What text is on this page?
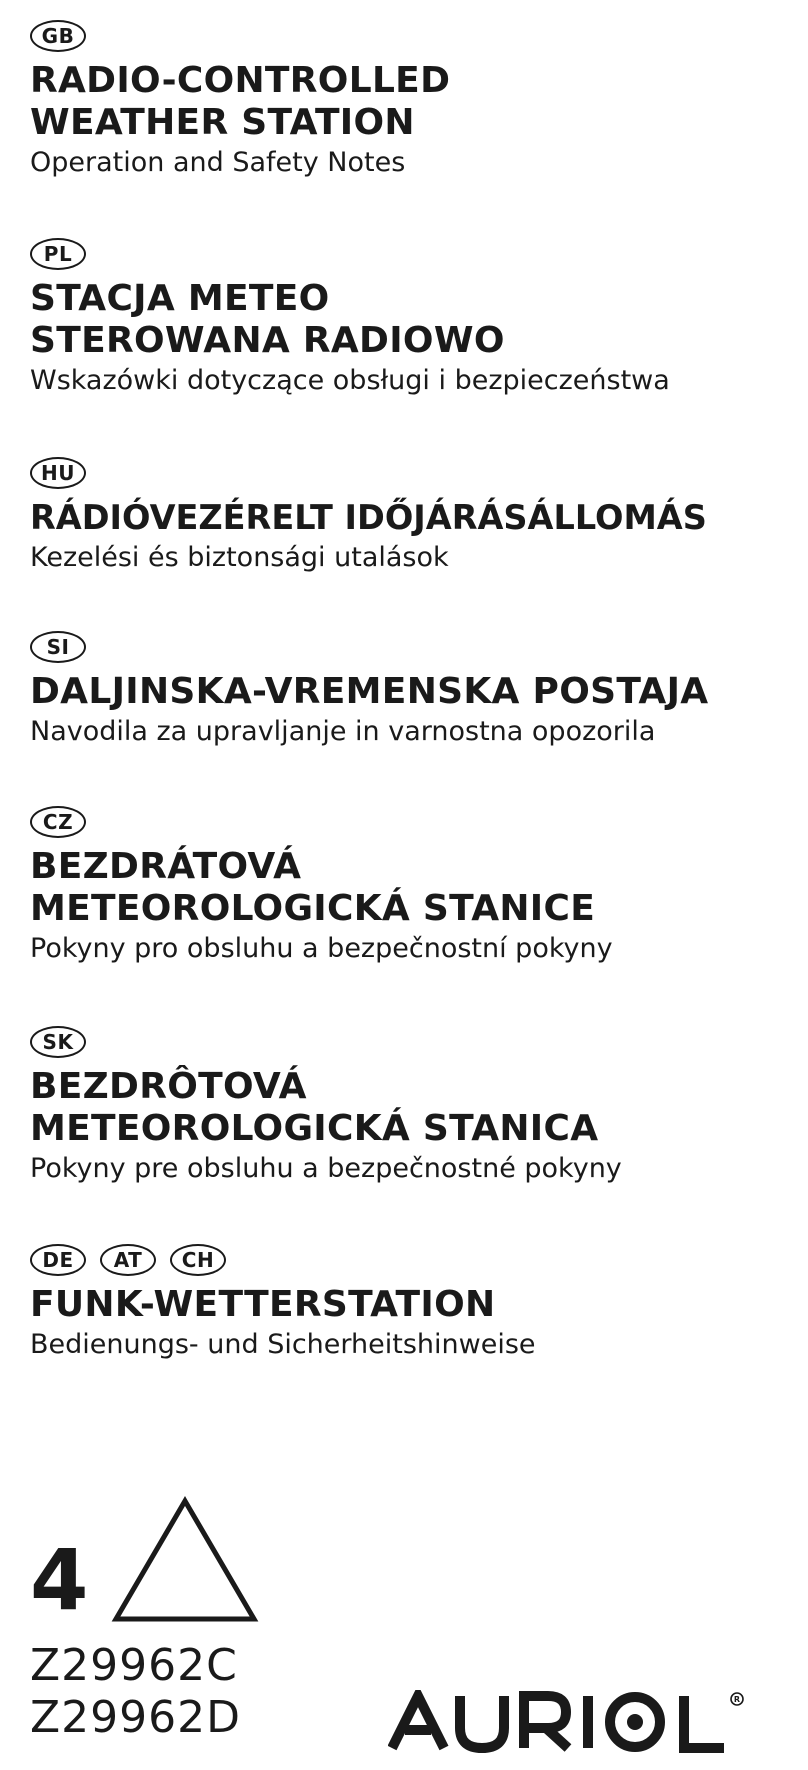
GB
RADIO-CONTROLLED
WEATHER STATION
Operation and Safety Notes
PL
STACJA METEO
STEROWANA RADIOWO
Wskazówki dotyczące obsługi i bezpieczeństwa
HU
RÁDIÓVEZÉRELT IDŐJÁRÁSÁLLOMÁS
Kezelési és biztonsági utalások
SI
DALJINSKA-VREMENSKA POSTAJA
Navodila za upravljanje in varnostna opozorila
CZ
BEZDRÁTOVÁ
METEOROLOGICKÁ STANICE
Pokyny pro obsluhu a bezpečnostní pokyny
SK
BEZDRÔTOVÁ
METEOROLOGICKÁ STANICA
Pokyny pre obsluhu a bezpečnostné pokyny
DE	AT	CH
FUNK-WETTERSTATION
Bedienungs- und Sicherheitshinweise
4
Z29962C
Z29962D	R
